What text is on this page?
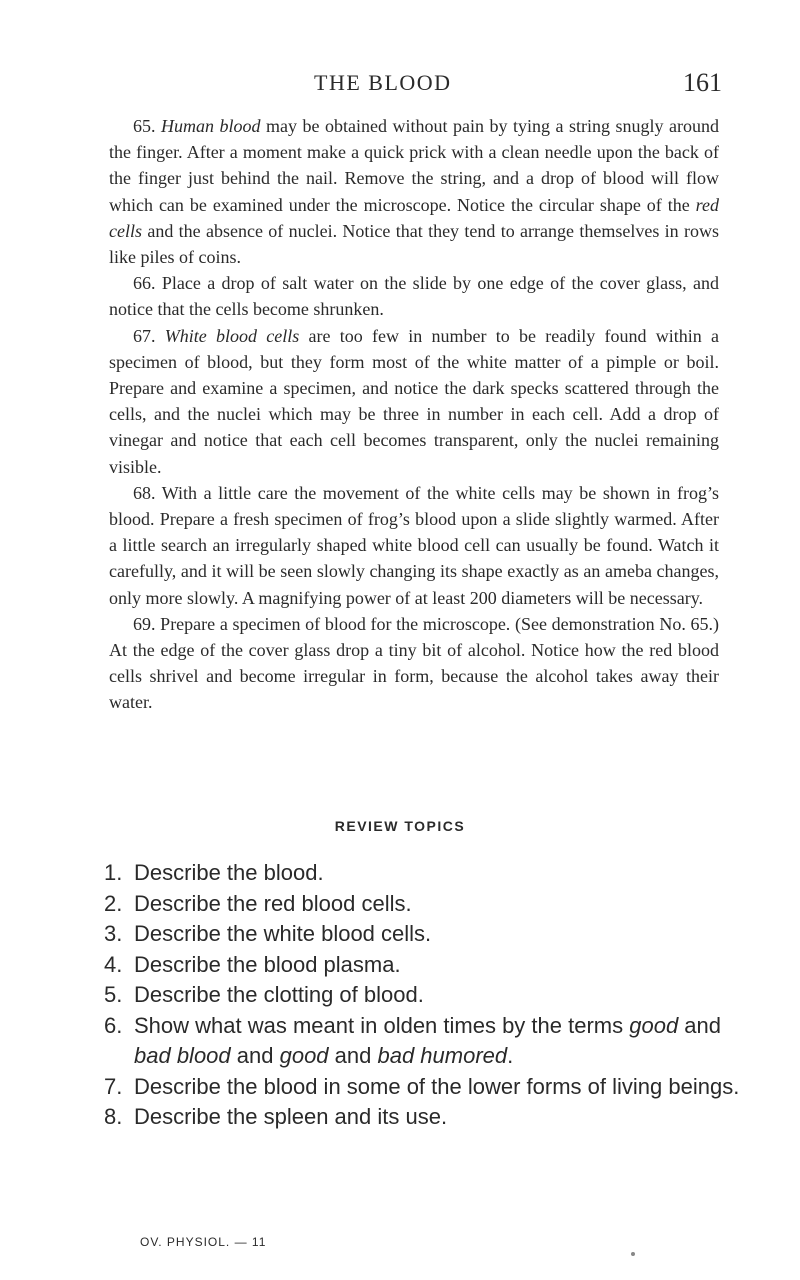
THE BLOOD	161

65. Human blood may be obtained without pain by tying a string snugly around the finger. After a moment make a quick prick with a clean needle upon the back of the finger just behind the nail. Remove the string, and a drop of blood will flow which can be examined under the microscope. Notice the circular shape of the red cells and the absence of nuclei. Notice that they tend to arrange themselves in rows like piles of coins.

66. Place a drop of salt water on the slide by one edge of the cover glass, and notice that the cells become shrunken.

67. White blood cells are too few in number to be readily found within a specimen of blood, but they form most of the white matter of a pimple or boil. Prepare and examine a specimen, and notice the dark specks scattered through the cells, and the nuclei which may be three in number in each cell. Add a drop of vinegar and notice that each cell becomes transparent, only the nuclei remaining visible.

68. With a little care the movement of the white cells may be shown in frog’s blood. Prepare a fresh specimen of frog’s blood upon a slide slightly warmed. After a little search an irregularly shaped white blood cell can usually be found. Watch it carefully, and it will be seen slowly changing its shape exactly as an ameba changes, only more slowly. A magnifying power of at least 200 diameters will be necessary.

69. Prepare a specimen of blood for the microscope. (See demonstration No. 65.) At the edge of the cover glass drop a tiny bit of alcohol. Notice how the red blood cells shrivel and become irregular in form, because the alcohol takes away their water.

REVIEW TOPICS
1. Describe the blood.
2. Describe the red blood cells.
3. Describe the white blood cells.
4. Describe the blood plasma.
5. Describe the clotting of blood.
6. Show what was meant in olden times by the terms good and bad blood and good and bad humored.
7. Describe the blood in some of the lower forms of living beings.
8. Describe the spleen and its use.
OV. PHYSIOL. — 11
